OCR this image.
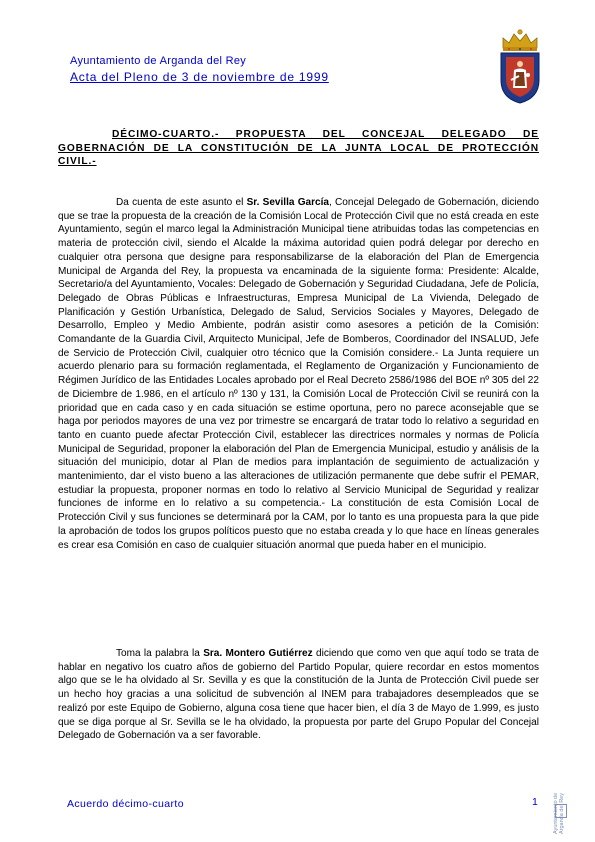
Ayuntamiento de Arganda del Rey
Acta del Pleno de 3 de noviembre de 1999
DÉCIMO-CUARTO.- PROPUESTA DEL CONCEJAL DELEGADO DE GOBERNACIÓN DE LA CONSTITUCIÓN DE LA JUNTA LOCAL DE PROTECCIÓN CIVIL.-
Da cuenta de este asunto el Sr. Sevilla García, Concejal Delegado de Gobernación, diciendo que se trae la propuesta de la creación de la Comisión Local de Protección Civil que no está creada en este Ayuntamiento, según el marco legal la Administración Municipal tiene atribuidas todas las competencias en materia de protección civil, siendo el Alcalde la máxima autoridad quien podrá delegar por derecho en cualquier otra persona que designe para responsabilizarse de la elaboración del Plan de Emergencia Municipal de Arganda del Rey, la propuesta va encaminada de la siguiente forma: Presidente: Alcalde, Secretario/a del Ayuntamiento, Vocales: Delegado de Gobernación y Seguridad Ciudadana, Jefe de Policía, Delegado de Obras Públicas e Infraestructuras, Empresa Municipal de La Vivienda, Delegado de Planificación y Gestión Urbanística, Delegado de Salud, Servicios Sociales y Mayores, Delegado de Desarrollo, Empleo y Medio Ambiente, podrán asistir como asesores a petición de la Comisión: Comandante de la Guardia Civil, Arquitecto Municipal, Jefe de Bomberos, Coordinador del INSALUD, Jefe de Servicio de Protección Civil, cualquier otro técnico que la Comisión considere.- La Junta requiere un acuerdo plenario para su formación reglamentada, el Reglamento de Organización y Funcionamiento de Régimen Jurídico de las Entidades Locales aprobado por el Real Decreto 2586/1986 del BOE nº 305 del 22 de Diciembre de 1.986, en el artículo nº 130 y 131, la Comisión Local de Protección Civil se reunirá con la prioridad que en cada caso y en cada situación se estime oportuna, pero no parece aconsejable que se haga por periodos mayores de una vez por trimestre se encargará de tratar todo lo relativo a seguridad en tanto en cuanto puede afectar Protección Civil, establecer las directrices normales y normas de Policía Municipal de Seguridad, proponer la elaboración del Plan de Emergencia Municipal, estudio y análisis de la situación del municipio, dotar al Plan de medios para implantación de seguimiento de actualización y mantenimiento, dar el visto bueno a las alteraciones de utilización permanente que debe sufrir el PEMAR, estudiar la propuesta, proponer normas en todo lo relativo al Servicio Municipal de Seguridad y realizar funciones de informe en lo relativo a su competencia.- La constitución de esta Comisión Local de Protección Civil y sus funciones se determinará por la CAM, por lo tanto es una propuesta para la que pide la aprobación de todos los grupos políticos puesto que no estaba creada y lo que hace en líneas generales es crear esa Comisión en caso de cualquier situación anormal que pueda haber en el municipio.
Toma la palabra la Sra. Montero Gutiérrez diciendo que como ven que aquí todo se trata de hablar en negativo los cuatro años de gobierno del Partido Popular, quiere recordar en estos momentos algo que se le ha olvidado al Sr. Sevilla y es que la constitución de la Junta de Protección Civil puede ser un hecho hoy gracias a una solicitud de subvención al INEM para trabajadores desempleados que se realizó por este Equipo de Gobierno, alguna cosa tiene que hacer bien, el día 3 de Mayo de 1.999, es justo que se diga porque al Sr. Sevilla se le ha olvidado, la propuesta por parte del Grupo Popular del Concejal Delegado de Gobernación va a ser favorable.
Acuerdo décimo-cuarto	1	Ayuntamiento de Arganda del Rey
